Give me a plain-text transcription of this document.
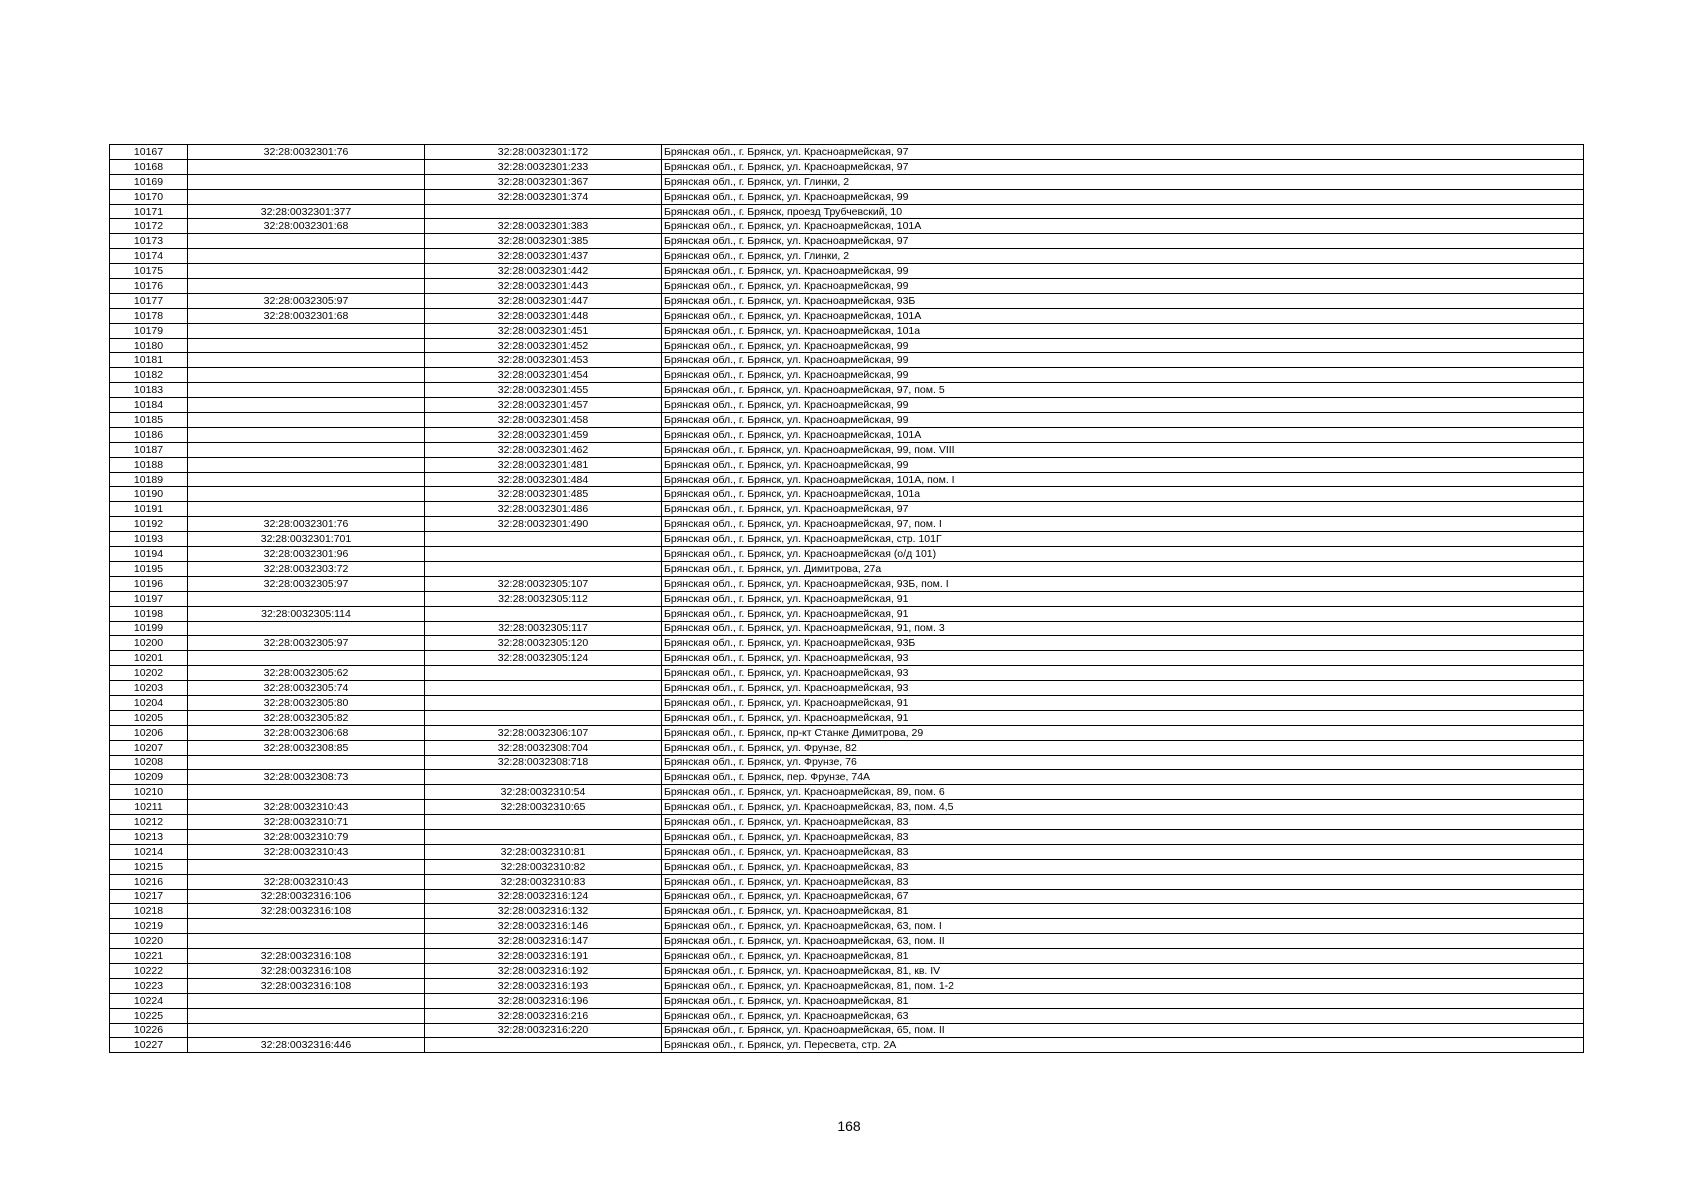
10167	32:28:0032301:76	32:28:0032301:172	Брянская обл., г. Брянск, ул. Красноармейская, 97
10168		32:28:0032301:233	Брянская обл., г. Брянск, ул. Красноармейская, 97
10169		32:28:0032301:367	Брянская обл., г. Брянск, ул. Глинки, 2
10170		32:28:0032301:374	Брянская обл., г. Брянск, ул. Красноармейская, 99
10171	32:28:0032301:377		Брянская обл., г. Брянск, проезд Трубчевский, 10
10172	32:28:0032301:68	32:28:0032301:383	Брянская обл., г. Брянск, ул. Красноармейская, 101А
10173		32:28:0032301:385	Брянская обл., г. Брянск, ул. Красноармейская, 97
10174		32:28:0032301:437	Брянская обл., г. Брянск, ул. Глинки, 2
10175		32:28:0032301:442	Брянская обл., г. Брянск, ул. Красноармейская, 99
10176		32:28:0032301:443	Брянская обл., г. Брянск, ул. Красноармейская, 99
10177	32:28:0032305:97	32:28:0032301:447	Брянская обл., г. Брянск, ул. Красноармейская, 93Б
10178	32:28:0032301:68	32:28:0032301:448	Брянская обл., г. Брянск, ул. Красноармейская, 101А
10179		32:28:0032301:451	Брянская обл., г. Брянск, ул. Красноармейская, 101а
10180		32:28:0032301:452	Брянская обл., г. Брянск, ул. Красноармейская, 99
10181		32:28:0032301:453	Брянская обл., г. Брянск, ул. Красноармейская, 99
10182		32:28:0032301:454	Брянская обл., г. Брянск, ул. Красноармейская, 99
10183		32:28:0032301:455	Брянская обл., г. Брянск, ул. Красноармейская, 97, пом. 5
10184		32:28:0032301:457	Брянская обл., г. Брянск, ул. Красноармейская, 99
10185		32:28:0032301:458	Брянская обл., г. Брянск, ул. Красноармейская, 99
10186		32:28:0032301:459	Брянская обл., г. Брянск, ул. Красноармейская, 101А
10187		32:28:0032301:462	Брянская обл., г. Брянск, ул. Красноармейская, 99, пом. VIII
10188		32:28:0032301:481	Брянская обл., г. Брянск, ул. Красноармейская, 99
10189		32:28:0032301:484	Брянская обл., г. Брянск, ул. Красноармейская, 101А, пом. I
10190		32:28:0032301:485	Брянская обл., г. Брянск, ул. Красноармейская, 101а
10191		32:28:0032301:486	Брянская обл., г. Брянск, ул. Красноармейская, 97
10192	32:28:0032301:76	32:28:0032301:490	Брянская обл., г. Брянск, ул. Красноармейская, 97, пом. I
10193	32:28:0032301:701		Брянская обл., г. Брянск, ул. Красноармейская, стр. 101Г
10194	32:28:0032301:96		Брянская обл., г. Брянск, ул. Красноармейская (о/д 101)
10195	32:28:0032303:72		Брянская обл., г. Брянск, ул. Димитрова, 27а
10196	32:28:0032305:97	32:28:0032305:107	Брянская обл., г. Брянск, ул. Красноармейская, 93Б, пом. I
10197		32:28:0032305:112	Брянская обл., г. Брянск, ул. Красноармейская, 91
10198	32:28:0032305:114		Брянская обл., г. Брянск, ул. Красноармейская, 91
10199		32:28:0032305:117	Брянская обл., г. Брянск, ул. Красноармейская, 91, пом. 3
10200	32:28:0032305:97	32:28:0032305:120	Брянская обл., г. Брянск, ул. Красноармейская, 93Б
10201		32:28:0032305:124	Брянская обл., г. Брянск, ул. Красноармейская, 93
10202	32:28:0032305:62		Брянская обл., г. Брянск, ул. Красноармейская, 93
10203	32:28:0032305:74		Брянская обл., г. Брянск, ул. Красноармейская, 93
10204	32:28:0032305:80		Брянская обл., г. Брянск, ул. Красноармейская, 91
10205	32:28:0032305:82		Брянская обл., г. Брянск, ул. Красноармейская, 91
10206	32:28:0032306:68	32:28:0032306:107	Брянская обл., г. Брянск, пр-кт Станке Димитрова, 29
10207	32:28:0032308:85	32:28:0032308:704	Брянская обл., г. Брянск, ул. Фрунзе, 82
10208		32:28:0032308:718	Брянская обл., г. Брянск, ул. Фрунзе, 76
10209	32:28:0032308:73		Брянская обл., г. Брянск, пер. Фрунзе, 74А
10210		32:28:0032310:54	Брянская обл., г. Брянск, ул. Красноармейская, 89, пом. 6
10211	32:28:0032310:43	32:28:0032310:65	Брянская обл., г. Брянск, ул. Красноармейская, 83, пом. 4,5
10212	32:28:0032310:71		Брянская обл., г. Брянск, ул. Красноармейская, 83
10213	32:28:0032310:79		Брянская обл., г. Брянск, ул. Красноармейская, 83
10214	32:28:0032310:43	32:28:0032310:81	Брянская обл., г. Брянск, ул. Красноармейская, 83
10215		32:28:0032310:82	Брянская обл., г. Брянск, ул. Красноармейская, 83
10216	32:28:0032310:43	32:28:0032310:83	Брянская обл., г. Брянск, ул. Красноармейская, 83
10217	32:28:0032316:106	32:28:0032316:124	Брянская обл., г. Брянск, ул. Красноармейская, 67
10218	32:28:0032316:108	32:28:0032316:132	Брянская обл., г. Брянск, ул. Красноармейская, 81
10219		32:28:0032316:146	Брянская обл., г. Брянск, ул. Красноармейская, 63, пом. I
10220		32:28:0032316:147	Брянская обл., г. Брянск, ул. Красноармейская, 63, пом. II
10221	32:28:0032316:108	32:28:0032316:191	Брянская обл., г. Брянск, ул. Красноармейская, 81
10222	32:28:0032316:108	32:28:0032316:192	Брянская обл., г. Брянск, ул. Красноармейская, 81, кв. IV
10223	32:28:0032316:108	32:28:0032316:193	Брянская обл., г. Брянск, ул. Красноармейская, 81, пом. 1-2
10224		32:28:0032316:196	Брянская обл., г. Брянск, ул. Красноармейская, 81
10225		32:28:0032316:216	Брянская обл., г. Брянск, ул. Красноармейская, 63
10226		32:28:0032316:220	Брянская обл., г. Брянск, ул. Красноармейская, 65, пом. II
10227	32:28:0032316:446		Брянская обл., г. Брянск, ул. Пересвета, стр. 2А
168
